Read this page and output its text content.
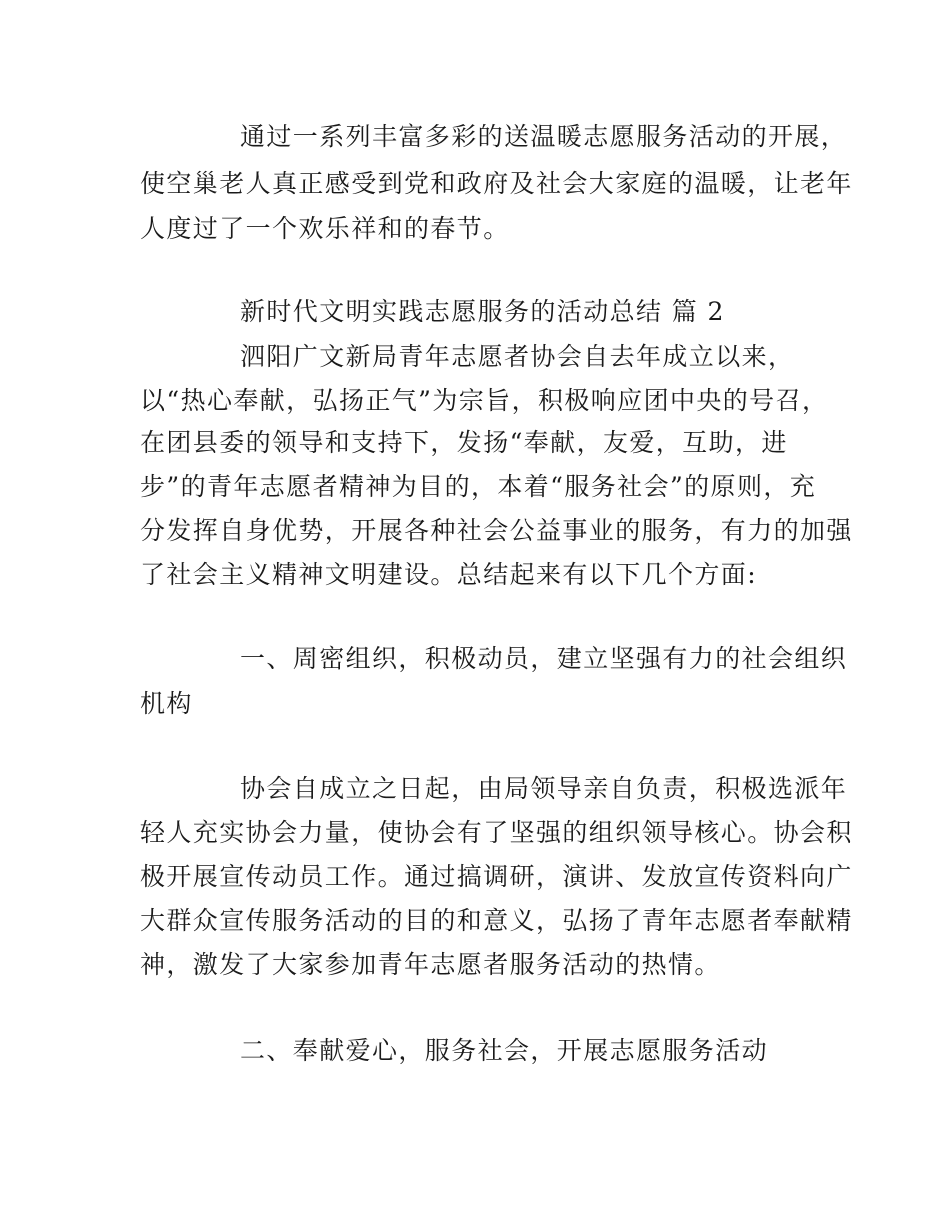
通过一系列丰富多彩的送温暖志愿服务活动的开展，
使空巢老人真正感受到党和政府及社会大家庭的温暖，让老年
人度过了一个欢乐祥和的春节。
新时代文明实践志愿服务的活动总结 篇 2
泗阳广文新局青年志愿者协会自去年成立以来，
以“热心奉献，弘扬正气”为宗旨，积极响应团中央的号召，
在团县委的领导和支持下，发扬“奉献，友爱，互助，进
步”的青年志愿者精神为目的，本着“服务社会”的原则，充
分发挥自身优势，开展各种社会公益事业的服务，有力的加强
了社会主义精神文明建设。总结起来有以下几个方面:
一、周密组织，积极动员，建立坚强有力的社会组织
机构
协会自成立之日起，由局领导亲自负责，积极选派年
轻人充实协会力量，使协会有了坚强的组织领导核心。协会积
极开展宣传动员工作。通过搞调研，演讲、发放宣传资料向广
大群众宣传服务活动的目的和意义，弘扬了青年志愿者奉献精
神，激发了大家参加青年志愿者服务活动的热情。
二、奉献爱心，服务社会，开展志愿服务活动
